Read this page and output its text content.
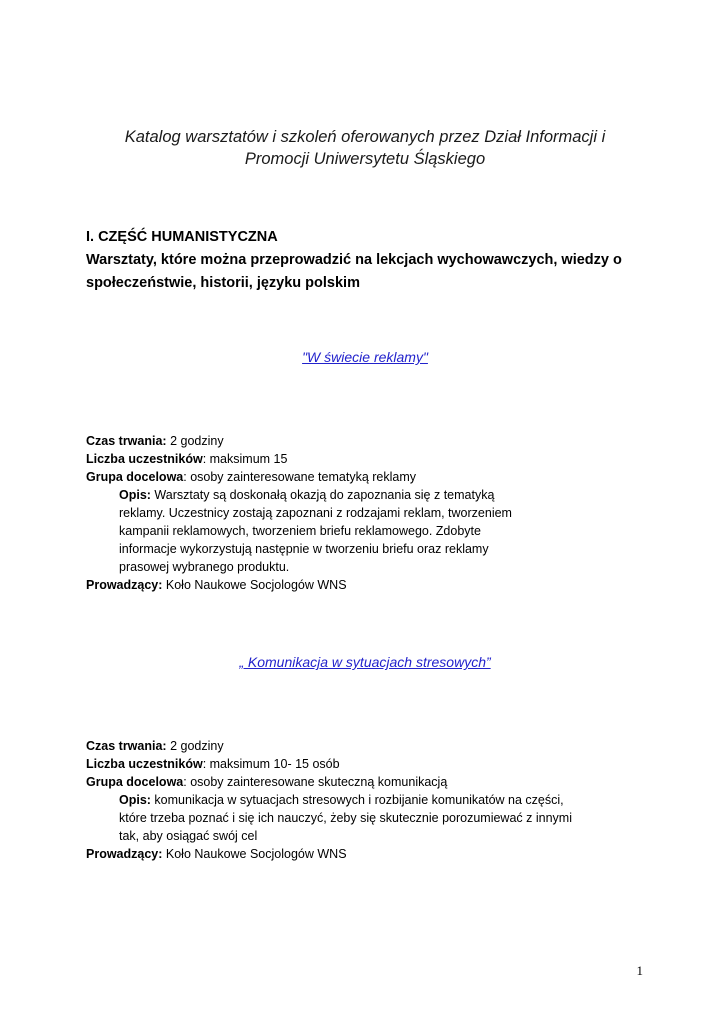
Katalog warsztatów i szkoleń oferowanych przez Dział Informacji i
Promocji Uniwersytetu Śląskiego
I. CZĘŚĆ HUMANISTYCZNA
Warsztaty, które można przeprowadzić na lekcjach wychowawczych, wiedzy o
społeczeństwie, historii, języku polskim
"W świecie reklamy"
Czas trwania: 2 godziny
Liczba uczestników: maksimum 15
Grupa docelowa: osoby zainteresowane tematyką reklamy
Opis: Warsztaty są doskonałą okazją do zapoznania się z tematyką reklamy. Uczestnicy zostają zapoznani z rodzajami reklam, tworzeniem kampanii reklamowych, tworzeniem briefu reklamowego. Zdobyte informacje wykorzystują następnie w tworzeniu briefu oraz reklamy prasowej wybranego produktu.
Prowadzący: Koło Naukowe Socjologów WNS
„ Komunikacja w sytuacjach stresowych”
Czas trwania: 2 godziny
Liczba uczestników: maksimum 10- 15 osób
Grupa docelowa: osoby zainteresowane skuteczną komunikacją
Opis: komunikacja w sytuacjach stresowych i rozbijanie komunikatów na części, które trzeba poznać i się ich nauczyć, żeby się skutecznie porozumiewać z innymi tak, aby osiągać swój cel
Prowadzący: Koło Naukowe Socjologów WNS
1
